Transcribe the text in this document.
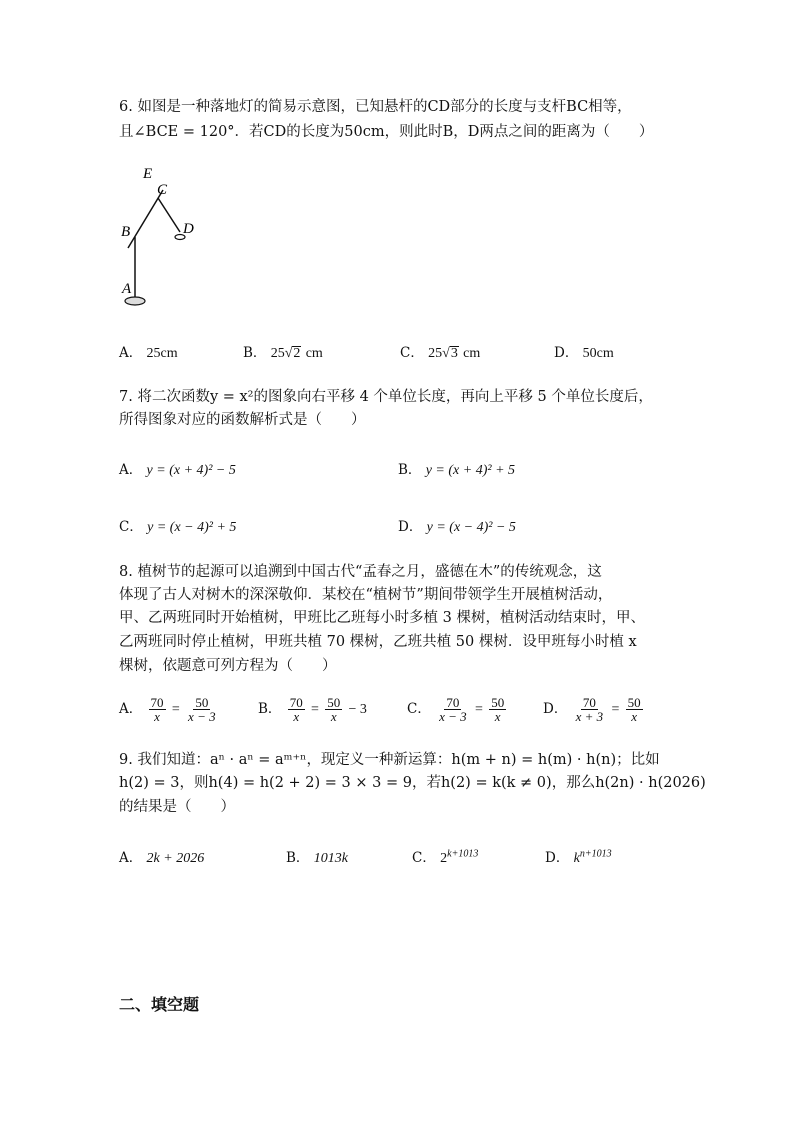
6. 如图是一种落地灯的简易示意图，已知悬杆的CD部分的长度与支杆BC相等，
且∠BCE = 120°．若CD的长度为50cm，则此时B，D两点之间的距离为（　　）
E
C
B	D
A
A． 25cm	B． 25√2 cm	C． 25√3 cm	D． 50cm
7. 将二次函数y = x²的图象向右平移 4 个单位长度，再向上平移 5 个单位长度后，
所得图象对应的函数解析式是（　　）
A． y = (x + 4)² − 5	B． y = (x + 4)² + 5
C． y = (x − 4)² + 5	D． y = (x − 4)² − 5
8. 植树节的起源可以追溯到中国古代“孟春之月，盛德在木”的传统观念，这
体现了古人对树木的深深敬仰．某校在“植树节”期间带领学生开展植树活动，
甲、乙两班同时开始植树，甲班比乙班每小时多植 3 棵树，植树活动结束时，甲、
乙两班同时停止植树，甲班共植 70 棵树，乙班共植 50 棵树．设甲班每小时植 x
棵树，依题意可列方程为（　　）
A． $\frac{70}{x} = \frac{50}{x - 3}$	B． $\frac{70}{x} = \frac{50}{x} - 3$	C． $\frac{70}{x - 3} = \frac{50}{x}$	D． $\frac{70}{x + 3} = \frac{50}{x}$
9. 我们知道：aⁿ · aⁿ = aᵐ⁺ⁿ，现定义一种新运算：h(m + n) = h(m) · h(n)；比如
h(2) = 3，则h(4) = h(2 + 2) = 3 × 3 = 9，若h(2) = k(k ≠ 0)，那么h(2n) · h(2026)
的结果是（　　）
A． 2k + 2026	B． 1013k	C． $2^{k+1013}$	D． $k^{n+1013}$
二、填空题
